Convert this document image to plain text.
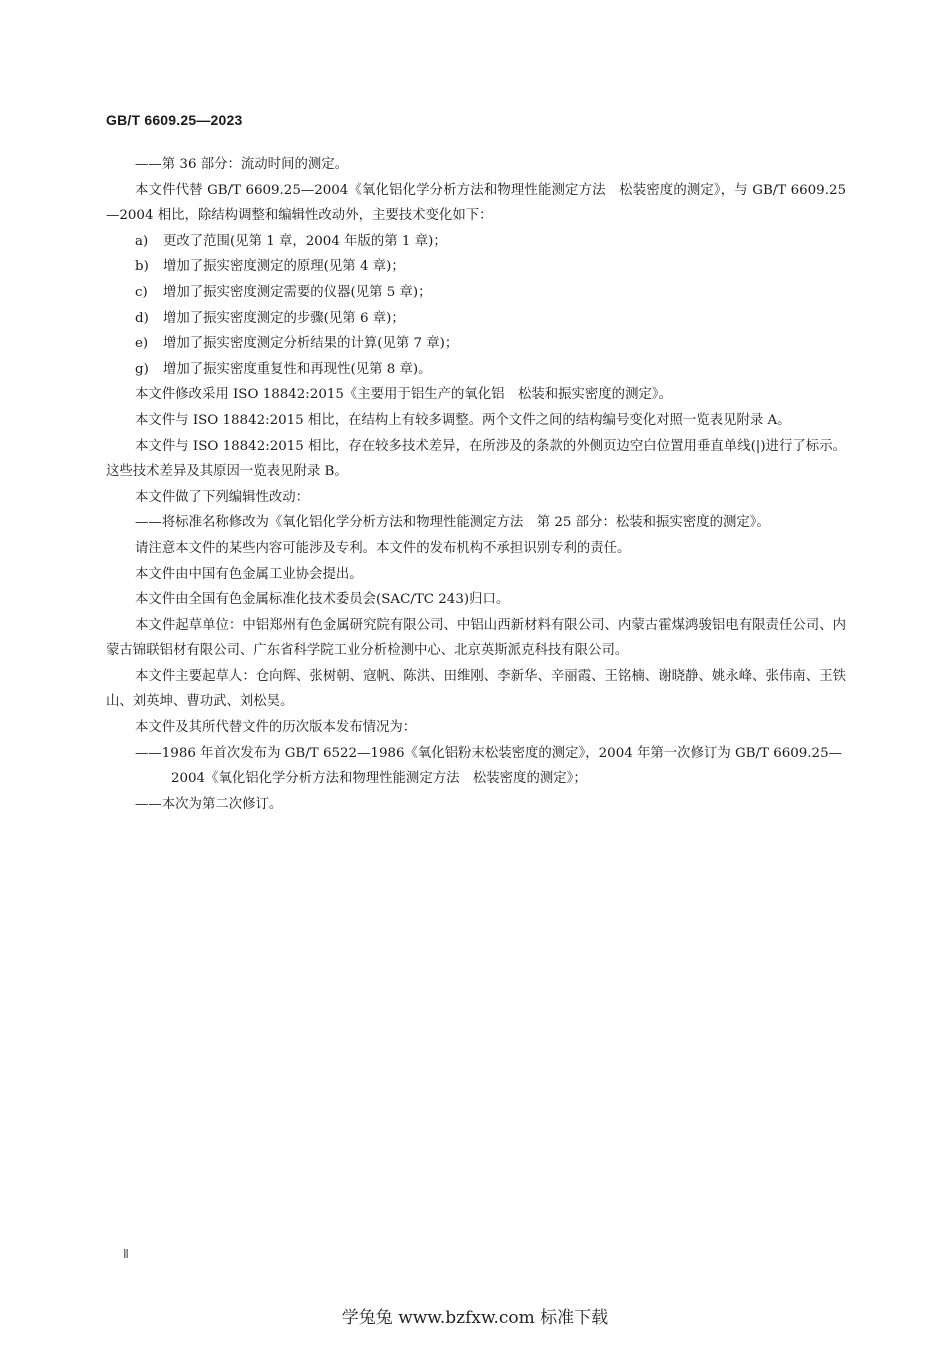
GB/T 6609.25—2023

——第 36 部分：流动时间的测定。

本文件代替 GB/T 6609.25—2004《氧化铝化学分析方法和物理性能测定方法　松装密度的测定》，与 GB/T 6609.25—2004 相比，除结构调整和编辑性改动外，主要技术变化如下：

a)	更改了范围(见第 1 章，2004 年版的第 1 章)；
b)	增加了振实密度测定的原理(见第 4 章)；
c)	增加了振实密度测定需要的仪器(见第 5 章)；
d)	增加了振实密度测定的步骤(见第 6 章)；
e)	增加了振实密度测定分析结果的计算(见第 7 章)；
g)	增加了振实密度重复性和再现性(见第 8 章)。

本文件修改采用 ISO 18842:2015《主要用于铝生产的氧化铝　松装和振实密度的测定》。

本文件与 ISO 18842:2015 相比，在结构上有较多调整。两个文件之间的结构编号变化对照一览表见附录 A。

本文件与 ISO 18842:2015 相比，存在较多技术差异，在所涉及的条款的外侧页边空白位置用垂直单线(|)进行了标示。这些技术差异及其原因一览表见附录 B。

本文件做了下列编辑性改动：

——将标准名称修改为《氧化铝化学分析方法和物理性能测定方法　第 25 部分：松装和振实密度的测定》。

请注意本文件的某些内容可能涉及专利。本文件的发布机构不承担识别专利的责任。

本文件由中国有色金属工业协会提出。

本文件由全国有色金属标准化技术委员会(SAC/TC 243)归口。

本文件起草单位：中铝郑州有色金属研究院有限公司、中铝山西新材料有限公司、内蒙古霍煤鸿骏铝电有限责任公司、内蒙古锦联铝材有限公司、广东省科学院工业分析检测中心、北京英斯派克科技有限公司。

本文件主要起草人：仓向辉、张树朝、寇帆、陈洪、田维刚、李新华、辛丽霞、王铭楠、谢晓静、姚永峰、张伟南、王铁山、刘英坤、曹功武、刘松昊。

本文件及其所代替文件的历次版本发布情况为：

——1986 年首次发布为 GB/T 6522—1986《氧化铝粉末松装密度的测定》，2004 年第一次修订为 GB/T 6609.25—2004《氧化铝化学分析方法和物理性能测定方法　松装密度的测定》；

——本次为第二次修订。

Ⅱ
学兔兔 www.bzfxw.com 标准下载
